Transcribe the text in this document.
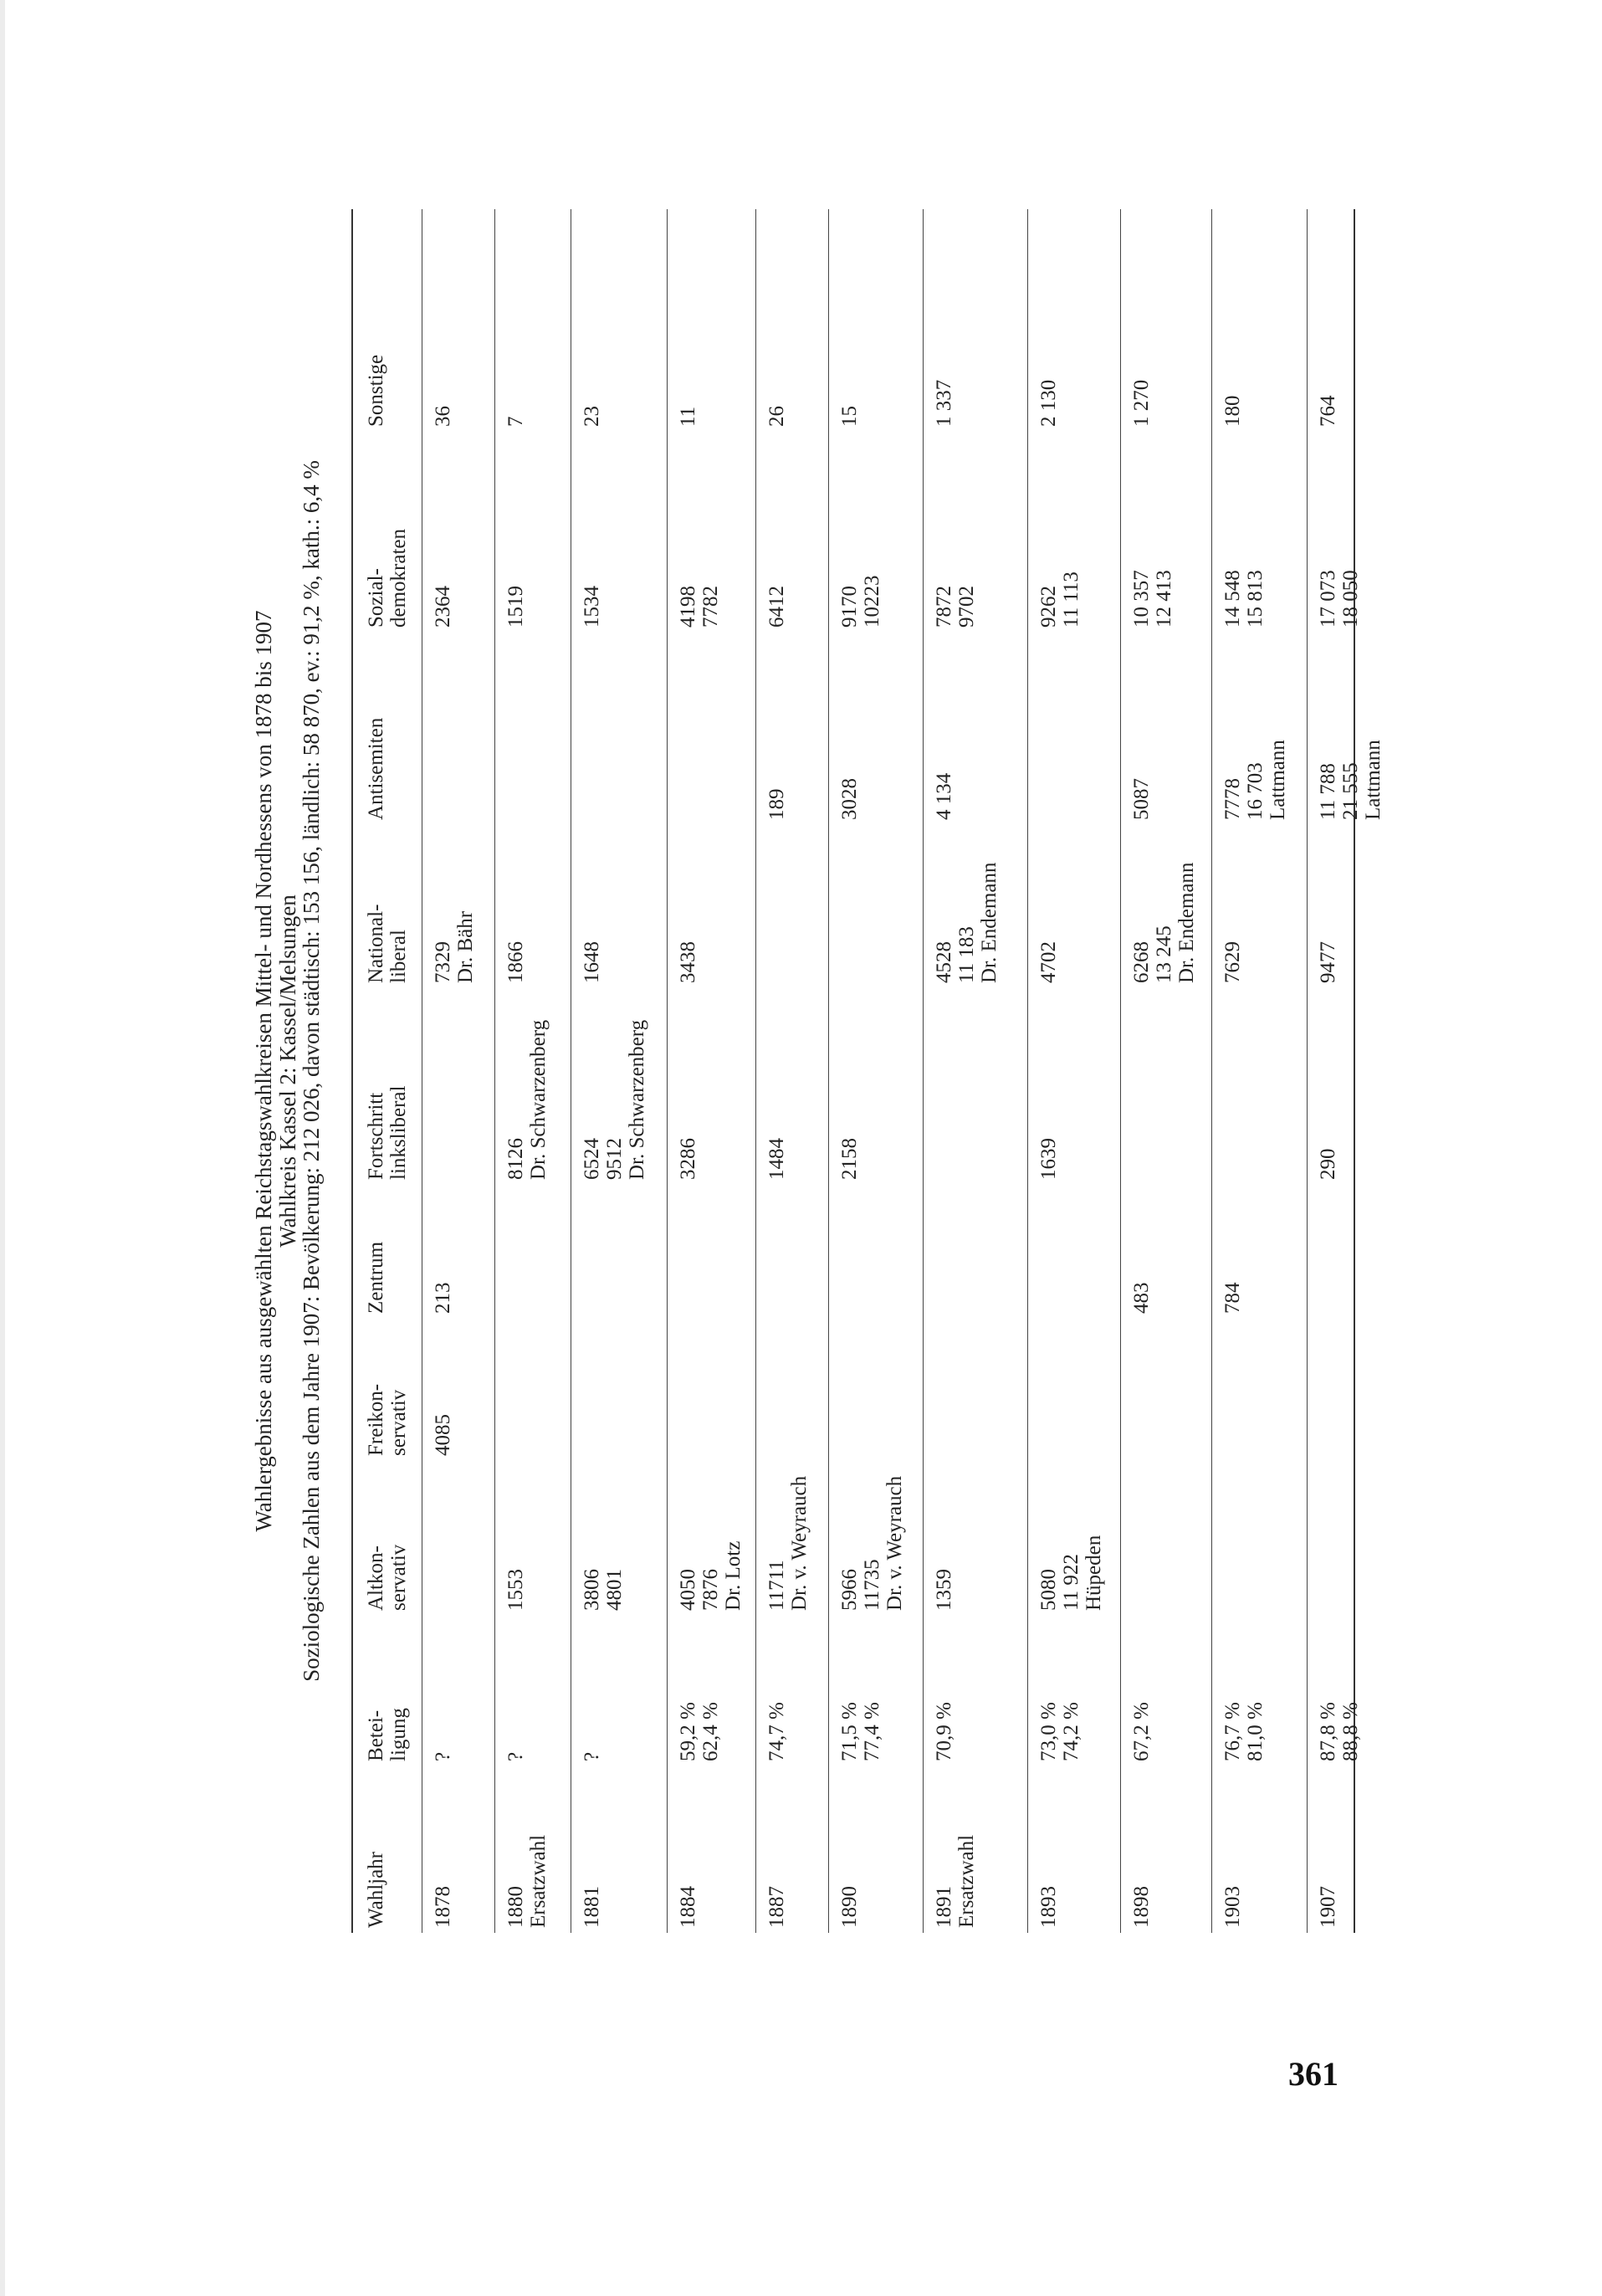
Wahlergebnisse aus ausgewählten Reichstagswahlkreisen Mittel- und Nordhessens von 1878 bis 1907 Wahlkreis Kassel 2: Kassel/Melsungen
Soziologische Zahlen aus dem Jahre 1907: Bevölkerung: 212 026, davon städtisch: 153 156, ländlich: 58 870, ev.: 91,2 %, kath.: 6,4 %
Wahljahr
Betei- ligung
Altkon- servativ
Freikon- servativ
Zentrum
Fortschritt linksliberal
National- liberal
Antisemiten
Sozial- demokraten
Sonstige
1878
?
4085
213
7329 Dr. Bähr
2364
36
1880 Ersatzwahl
?
1553
8126 Dr. Schwarzenberg
1866
1519
7
1881
?
3806 4801
6524 9512 Dr. Schwarzenberg
1648
1534
23
1884
59,2 % 62,4 %
4050 7876 Dr. Lotz
3286
3438
4198 7782
11
1887
74,7 %
11711 Dr. v. Weyrauch
1484
189
6412
26
1890
71,5 % 77,4 %
5966 11735 Dr. v. Weyrauch
2158
3028
9170 10223
15
1891 Ersatzwahl
70,9 %
1359
4528 11 183 Dr. Endemann
4 134
7872 9702
1 337
1893
73,0 % 74,2 %
5080 11 922 Hüpeden
1639
4702
9262 11 113
2 130
1898
67,2 %
483
6268 13 245 Dr. Endemann
5087
10 357 12 413
1 270
1903
76,7 % 81,0 %
784
7629
7778 16 703 Lattmann
14 548 15 813
180
1907
87,8 % 88,8 %
290
9477
11 788 21 555 Lattmann
17 073 18 050
764
361
